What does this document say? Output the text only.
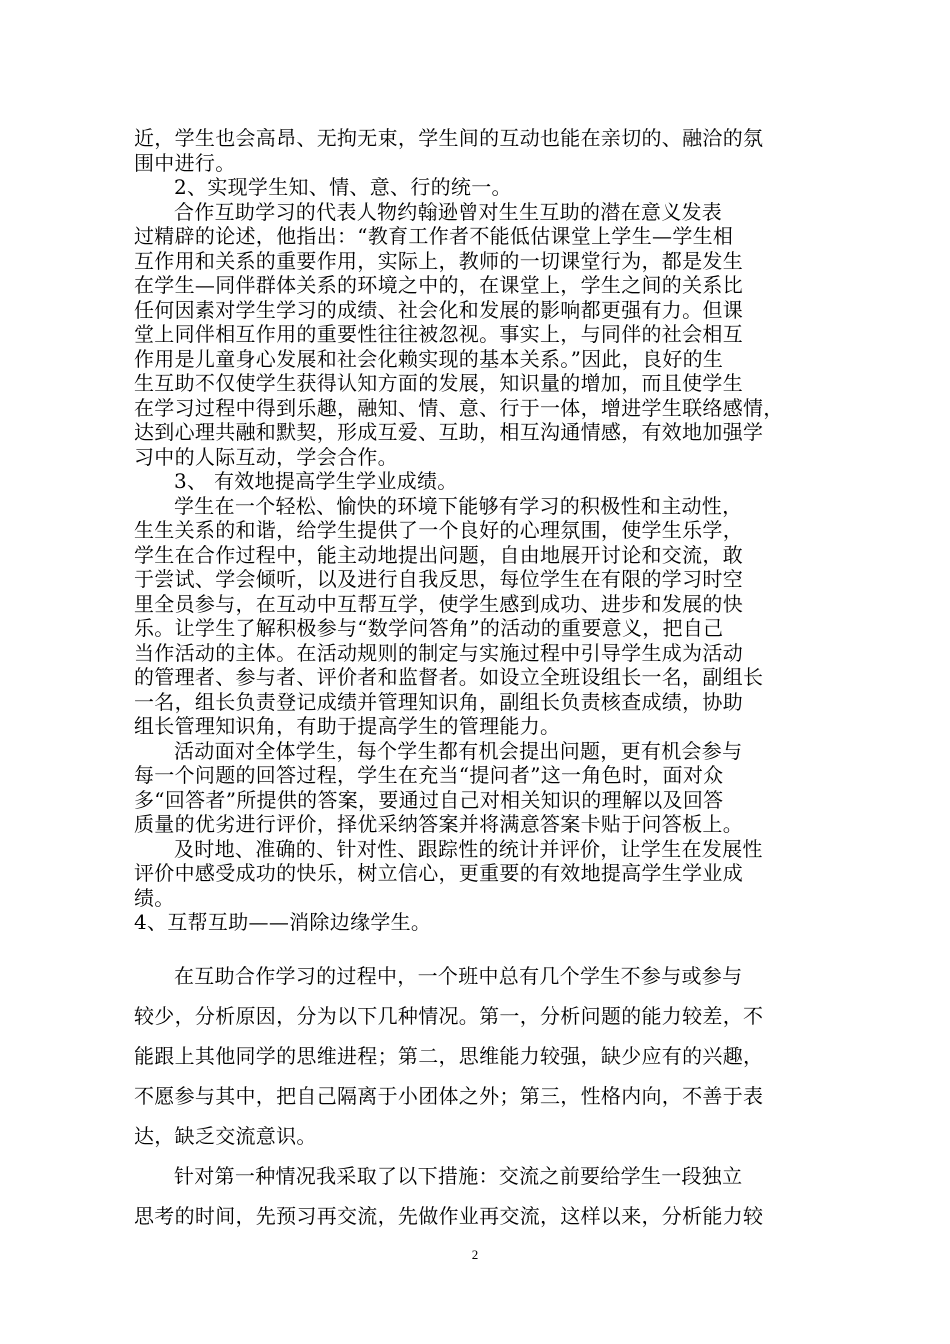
近，学生也会高昂、无拘无束，学生间的互动也能在亲切的、融洽的氛
围中进行。
2、实现学生知、情、意、行的统一。
合作互助学习的代表人物约翰逊曾对生生互助的潜在意义发表
过精辟的论述，他指出：“教育工作者不能低估课堂上学生—学生相
互作用和关系的重要作用，实际上，教师的一切课堂行为，都是发生
在学生—同伴群体关系的环境之中的，在课堂上，学生之间的关系比
任何因素对学生学习的成绩、社会化和发展的影响都更强有力。但课
堂上同伴相互作用的重要性往往被忽视。事实上，与同伴的社会相互
作用是儿童身心发展和社会化赖实现的基本关系。”因此，良好的生
生互助不仅使学生获得认知方面的发展，知识量的增加，而且使学生
在学习过程中得到乐趣，融知、情、意、行于一体，增进学生联络感情，
达到心理共融和默契，形成互爱、互助，相互沟通情感，有效地加强学
习中的人际互动，学会合作。
3、 有效地提高学生学业成绩。
学生在一个轻松、愉快的环境下能够有学习的积极性和主动性，
生生关系的和谐，给学生提供了一个良好的心理氛围，使学生乐学，
学生在合作过程中，能主动地提出问题，自由地展开讨论和交流，敢
于尝试、学会倾听，以及进行自我反思，每位学生在有限的学习时空
里全员参与，在互动中互帮互学，使学生感到成功、进步和发展的快
乐。让学生了解积极参与“数学问答角”的活动的重要意义，把自己
当作活动的主体。在活动规则的制定与实施过程中引导学生成为活动
的管理者、参与者、评价者和监督者。如设立全班设组长一名，副组长
一名，组长负责登记成绩并管理知识角，副组长负责核查成绩，协助
组长管理知识角，有助于提高学生的管理能力。
活动面对全体学生，每个学生都有机会提出问题，更有机会参与
每一个问题的回答过程，学生在充当“提问者”这一角色时，面对众
多“回答者”所提供的答案，要通过自己对相关知识的理解以及回答
质量的优劣进行评价，择优采纳答案并将满意答案卡贴于问答板上。
及时地、准确的、针对性、跟踪性的统计并评价，让学生在发展性
评价中感受成功的快乐，树立信心，更重要的有效地提高学生学业成
绩。
4、互帮互助——消除边缘学生。
在互助合作学习的过程中，一个班中总有几个学生不参与或参与
较少，分析原因，分为以下几种情况。第一，分析问题的能力较差，不
能跟上其他同学的思维进程；第二，思维能力较强，缺少应有的兴趣，
不愿参与其中，把自己隔离于小团体之外；第三，性格内向，不善于表
达，缺乏交流意识。
针对第一种情况我采取了以下措施：交流之前要给学生一段独立
思考的时间，先预习再交流，先做作业再交流，这样以来，分析能力较
2
